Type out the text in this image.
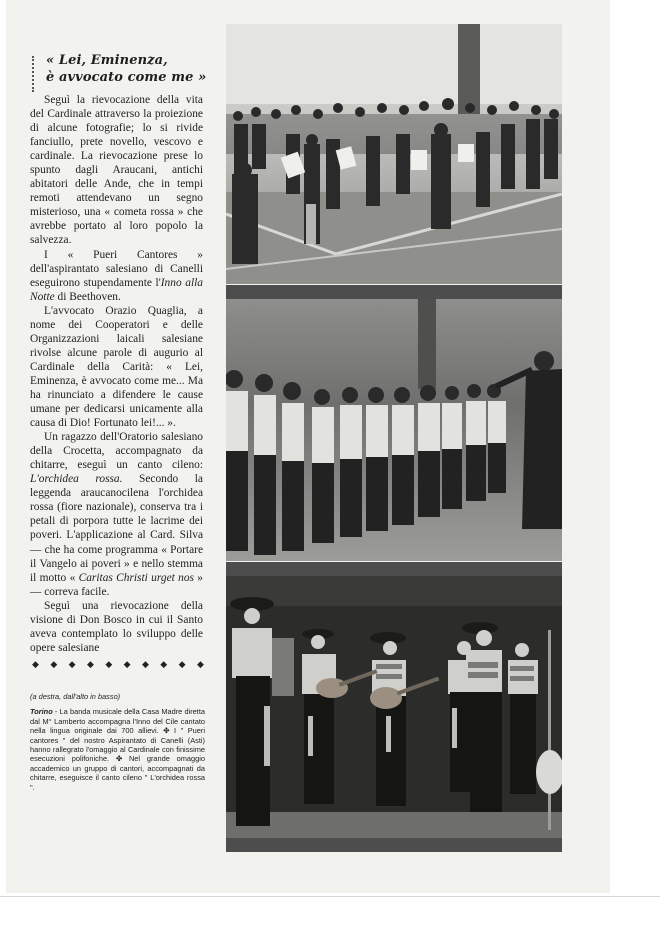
« Lei, Eminenza,
è avvocato come me »

Seguì la rievocazione della vita del Cardinale attraverso la proiezione di alcune fotografie; lo si rivide fanciullo, prete novello, vescovo e cardinale. La rievocazione prese lo spunto dagli Araucani, antichi abitatori delle Ande, che in tempi remoti attendevano un segno misterioso, una « cometa rossa » che avrebbe portato al loro popolo la salvezza.

I « Pueri Cantores » dell'aspirantato salesiano di Canelli eseguirono stupendamente l'Inno alla Notte di Beethoven.

L'avvocato Orazio Quaglia, a nome dei Cooperatori e delle Organizzazioni laicali salesiane rivolse alcune parole di augurio al Cardinale della Carità: « Lei, Eminenza, è avvocato come me... Ma ha rinunciato a difendere le cause umane per dedicarsi unicamente alla causa di Dio! Fortunato lei!... ».

Un ragazzo dell'Oratorio salesiano della Crocetta, accompagnato da chitarre, eseguì un canto cileno: L'orchidea rossa. Secondo la leggenda araucanocilena l'orchidea rossa (fiore nazionale), conserva tra i petali di porpora tutte le lacrime dei poveri. L'applicazione al Card. Silva — che ha come programma « Portare il Vangelo ai poveri » e nello stemma il motto « Caritas Christi urget nos » — correva facile.

Seguì una rievocazione della visione di Don Bosco in cui il Santo aveva contemplato lo sviluppo delle opere salesiane

◆ ◆ ◆ ◆ ◆ ◆ ◆ ◆ ◆ ◆
(a destra, dall'alto in basso)
Torino - La banda musicale della Casa Madre diretta dal M° Lamberto accompagna l'Inno del Cile cantato nella lingua originale dai 700 allievi. ✤ I " Pueri cantores " del nostro Aspirantato di Canelli (Asti) hanno rallegrato l'omaggio al Cardinale con finissime esecuzioni polifoniche. ✤ Nel grande omaggio accademico un gruppo di cantori, accompagnati da chitarre, eseguisce il canto cileno " L'orchidea rossa ".
